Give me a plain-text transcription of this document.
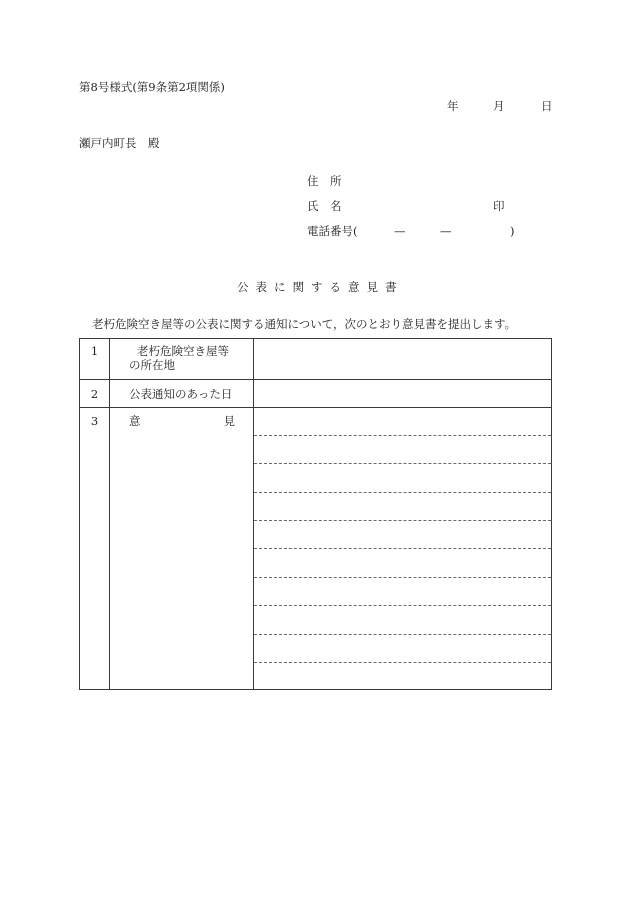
第8号様式(第9条第2項関係)
年	月	日
瀬戸内町長　殿
住　所
氏　名	印
電話番号(	—	—	)
公表に関する意見書
老朽危険空き屋等の公表に関する通知について，次のとおり意見書を提出します。
1	老朽危険空き屋等
の所在地
2	公表通知のあった日
3	意	見
